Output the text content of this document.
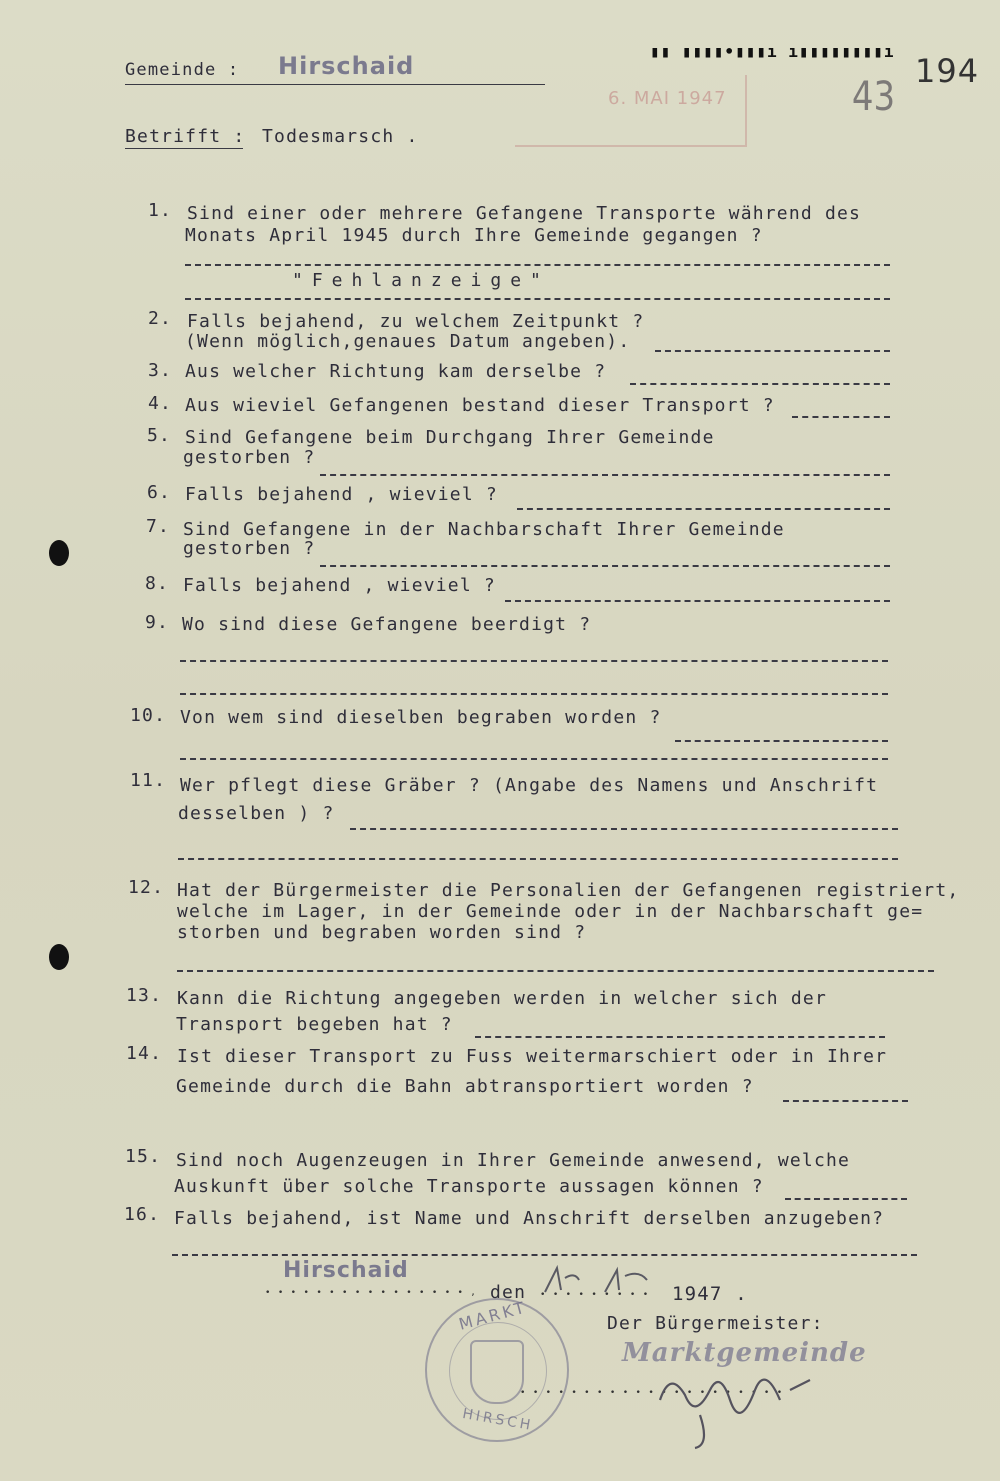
Gemeinde : Hirschaid
▮▮ ▮▮▮▮•▮▮▮ı ı▮▮▮▮▮▮▮▮ı
6. MAI 1947	43
194
Betrifft : Todesmarsch .
1. Sind einer oder mehrere Gefangene Transporte während des
Monats April 1945 durch Ihre Gemeinde gegangen ?
"Fehlanzeige"
2. Falls bejahend, zu welchem Zeitpunkt ?
(Wenn möglich,genaues Datum angeben).
3. Aus welcher Richtung kam derselbe ?
4. Aus wieviel Gefangenen bestand dieser Transport ?
5. Sind Gefangene beim Durchgang Ihrer Gemeinde
gestorben ?
6. Falls bejahend , wieviel ?
7. Sind Gefangene in der Nachbarschaft Ihrer Gemeinde
gestorben ?
8. Falls bejahend , wieviel ?
9. Wo sind diese Gefangene beerdigt ?
10. Von wem sind dieselben begraben worden ?
11. Wer pflegt diese Gräber ? (Angabe des Namens und Anschrift
desselben ) ?
12. Hat der Bürgermeister die Personalien der Gefangenen registriert,
welche im Lager, in der Gemeinde oder in der Nachbarschaft ge=
storben und begraben worden sind ?
13. Kann die Richtung angegeben werden in welcher sich der
Transport begeben hat ?
14. Ist dieser Transport zu Fuss weitermarschiert oder in Ihrer
Gemeinde durch die Bahn abtransportiert worden ?
15. Sind noch Augenzeugen in Ihrer Gemeinde anwesend, welche
Auskunft über solche Transporte aussagen können ?
16. Falls bejahend, ist Name und Anschrift derselben anzugeben?
Hirschaid
• • • • • • • • • • • • • • • • , den • • • • • • • • • 1947 .
Der Bürgermeister:
MARKT
HIRSCH
Marktgemeinde
• • • • • • • • • • • • • • • • • • • • •
